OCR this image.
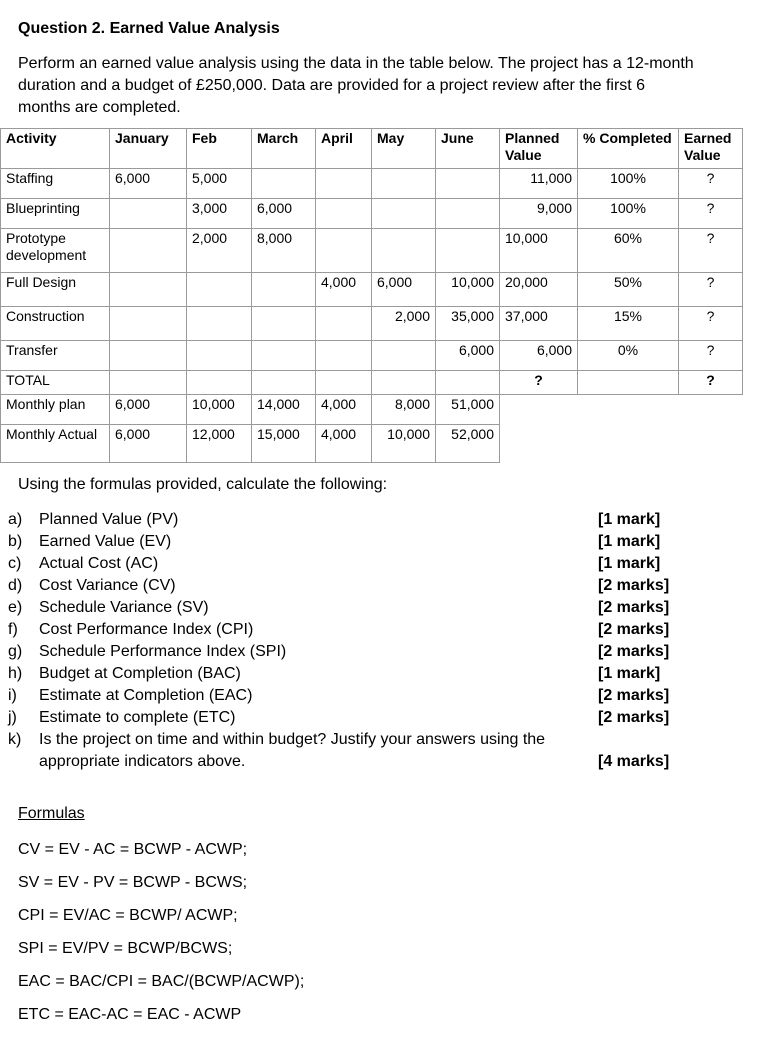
Question 2. Earned Value Analysis
Perform an earned value analysis using the data in the table below. The project has a 12-month duration and a budget of £250,000. Data are provided for a project review after the first 6 months are completed.
Activity	January	Feb	March	April	May	June	Planned Value	% Completed	Earned Value
Staffing	6,000	5,000					11,000	100%	?
Blueprinting		3,000	6,000				9,000	100%	?
Prototype development		2,000	8,000				10,000	60%	?
Full Design				4,000	6,000	10,000	20,000	50%	?
Construction					2,000	35,000	37,000	15%	?
Transfer						6,000	6,000	0%	?
TOTAL							?		?
Monthly plan	6,000	10,000	14,000	4,000	8,000	51,000			
Monthly Actual	6,000	12,000	15,000	4,000	10,000	52,000			
Using the formulas provided, calculate the following:
a)	Planned Value (PV)	[1 mark]
b)	Earned Value (EV)	[1 mark]
c)	Actual Cost (AC)	[1 mark]
d)	Cost Variance (CV)	[2 marks]
e)	Schedule Variance (SV)	[2 marks]
f)	Cost Performance Index (CPI)	[2 marks]
g)	Schedule Performance Index (SPI)	[2 marks]
h)	Budget at Completion (BAC)	[1 mark]
i)	Estimate at Completion (EAC)	[2 marks]
j)	Estimate to complete (ETC)	[2 marks]
k)	Is the project on time and within budget? Justify your answers using the appropriate indicators above.	[4 marks]
Formulas
CV = EV - AC = BCWP - ACWP;
SV = EV - PV = BCWP - BCWS;
CPI = EV/AC = BCWP/ ACWP;
SPI = EV/PV = BCWP/BCWS;
EAC = BAC/CPI = BAC/(BCWP/ACWP);
ETC = EAC-AC = EAC - ACWP
